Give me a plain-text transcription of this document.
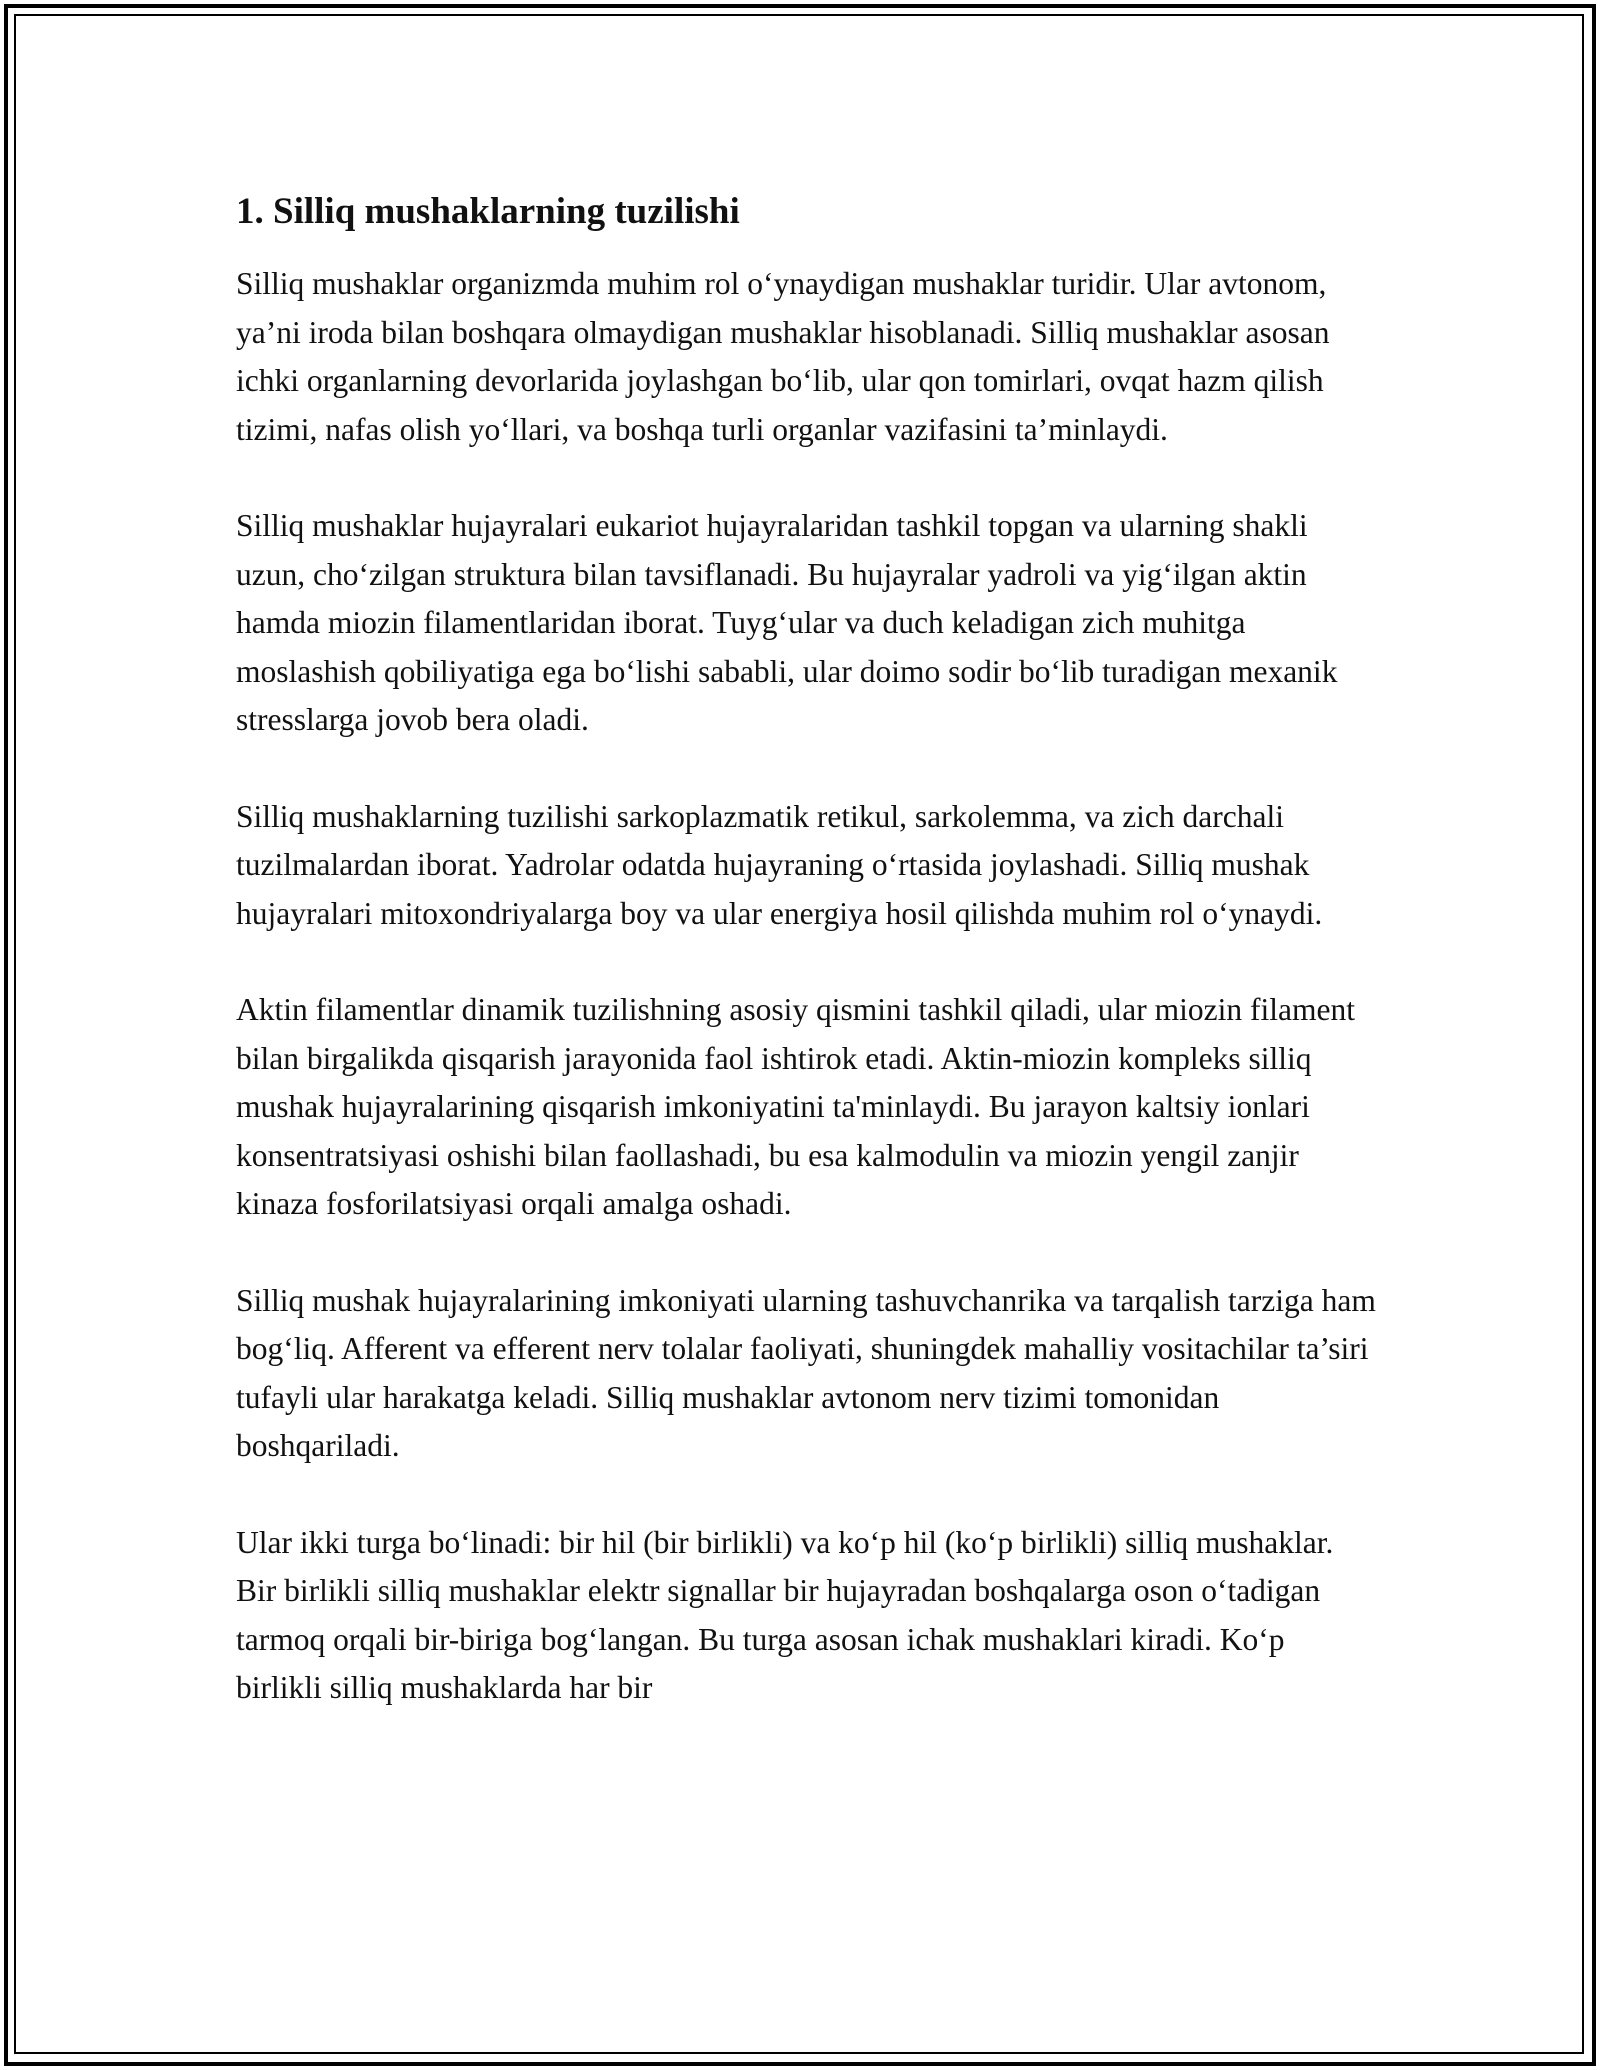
1. Silliq mushaklarning tuzilishi

Silliq mushaklar organizmda muhim rol o‘ynaydigan mushaklar turidir. Ular avtonom, ya’ni iroda bilan boshqara olmaydigan mushaklar hisoblanadi. Silliq mushaklar asosan ichki organlarning devorlarida joylashgan bo‘lib, ular qon tomirlari, ovqat hazm qilish tizimi, nafas olish yo‘llari, va boshqa turli organlar vazifasini ta’minlaydi.

Silliq mushaklar hujayralari eukariot hujayralaridan tashkil topgan va ularning shakli uzun, cho‘zilgan struktura bilan tavsiflanadi. Bu hujayralar yadroli va yig‘ilgan aktin hamda miozin filamentlaridan iborat. Tuyg‘ular va duch keladigan zich muhitga moslashish qobiliyatiga ega bo‘lishi sababli, ular doimo sodir bo‘lib turadigan mexanik stresslarga jovob bera oladi.

Silliq mushaklarning tuzilishi sarkoplazmatik retikul, sarkolemma, va zich darchali tuzilmalardan iborat. Yadrolar odatda hujayraning o‘rtasida joylashadi. Silliq mushak hujayralari mitoxondriyalarga boy va ular energiya hosil qilishda muhim rol o‘ynaydi.

Aktin filamentlar dinamik tuzilishning asosiy qismini tashkil qiladi, ular miozin filament bilan birgalikda qisqarish jarayonida faol ishtirok etadi. Aktin-miozin kompleks silliq mushak hujayralarining qisqarish imkoniyatini ta'minlaydi. Bu jarayon kaltsiy ionlari konsentratsiyasi oshishi bilan faollashadi, bu esa kalmodulin va miozin yengil zanjir kinaza fosforilatsiyasi orqali amalga oshadi.

Silliq mushak hujayralarining imkoniyati ularning tashuvchanrika va tarqalish tarziga ham bog‘liq. Afferent va efferent nerv tolalar faoliyati, shuningdek mahalliy vositachilar ta’siri tufayli ular harakatga keladi. Silliq mushaklar avtonom nerv tizimi tomonidan boshqariladi.

Ular ikki turga bo‘linadi: bir hil (bir birlikli) va ko‘p hil (ko‘p birlikli) silliq mushaklar. Bir birlikli silliq mushaklar elektr signallar bir hujayradan boshqalarga oson o‘tadigan tarmoq orqali bir-biriga bog‘langan. Bu turga asosan ichak mushaklari kiradi. Ko‘p birlikli silliq mushaklarda har bir
